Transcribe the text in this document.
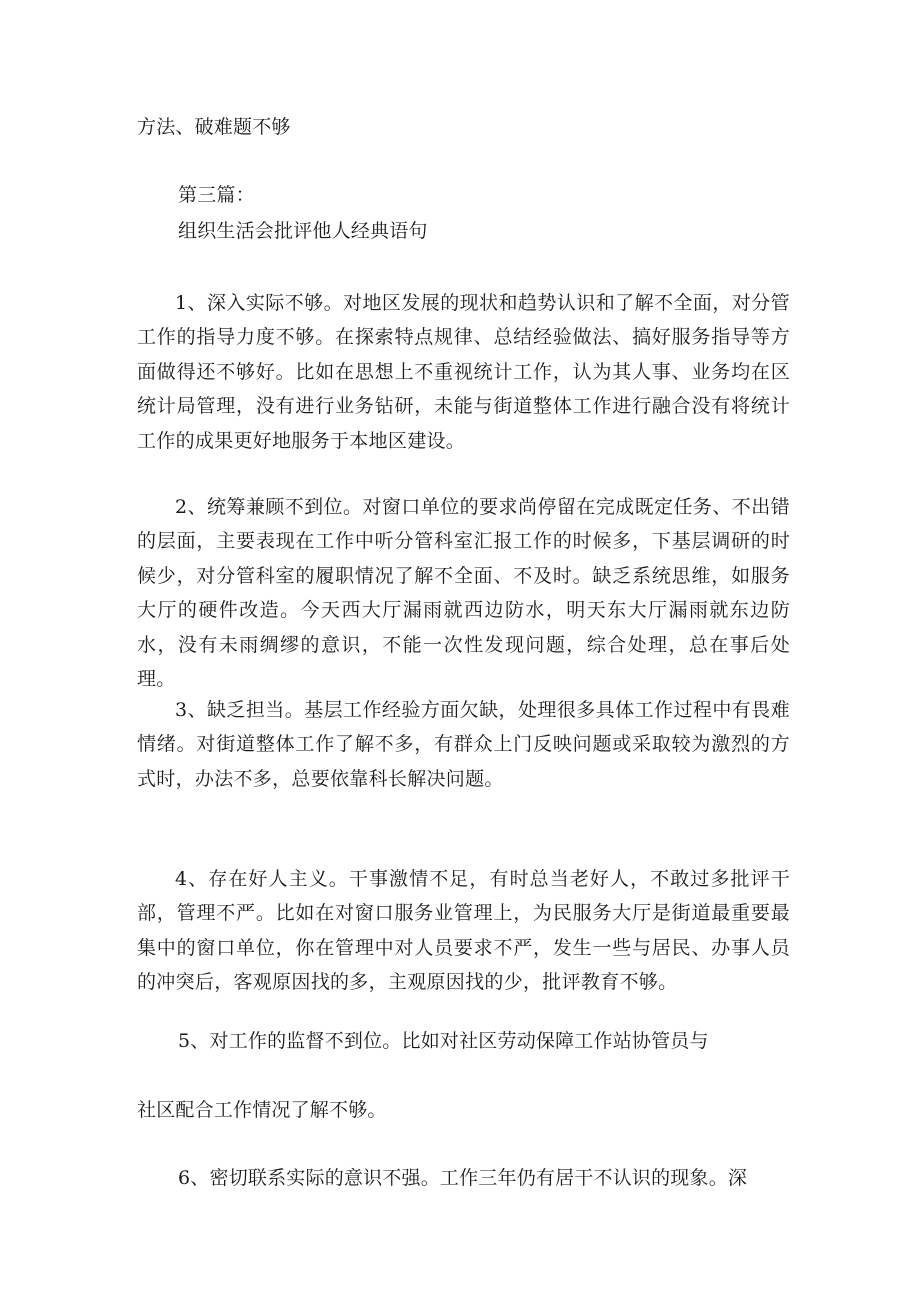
方法、破难题不够
第三篇：
组织生活会批评他人经典语句
1、深入实际不够。对地区发展的现状和趋势认识和了解不全面，对分管工作的指导力度不够。在探索特点规律、总结经验做法、搞好服务指导等方面做得还不够好。比如在思想上不重视统计工作，认为其人事、业务均在区统计局管理，没有进行业务钻研，未能与街道整体工作进行融合没有将统计工作的成果更好地服务于本地区建设。
2、统筹兼顾不到位。对窗口单位的要求尚停留在完成既定任务、不出错的层面，主要表现在工作中听分管科室汇报工作的时候多，下基层调研的时候少，对分管科室的履职情况了解不全面、不及时。缺乏系统思维，如服务大厅的硬件改造。今天西大厅漏雨就西边防水，明天东大厅漏雨就东边防水，没有未雨绸缪的意识，不能一次性发现问题，综合处理，总在事后处理。
3、缺乏担当。基层工作经验方面欠缺，处理很多具体工作过程中有畏难情绪。对街道整体工作了解不多，有群众上门反映问题或采取较为激烈的方式时，办法不多，总要依靠科长解决问题。
4、存在好人主义。干事激情不足，有时总当老好人，不敢过多批评干部，管理不严。比如在对窗口服务业管理上，为民服务大厅是街道最重要最集中的窗口单位，你在管理中对人员要求不严，发生一些与居民、办事人员的冲突后，客观原因找的多，主观原因找的少，批评教育不够。
5、对工作的监督不到位。比如对社区劳动保障工作站协管员与
社区配合工作情况了解不够。
6、密切联系实际的意识不强。工作三年仍有居干不认识的现象。深
